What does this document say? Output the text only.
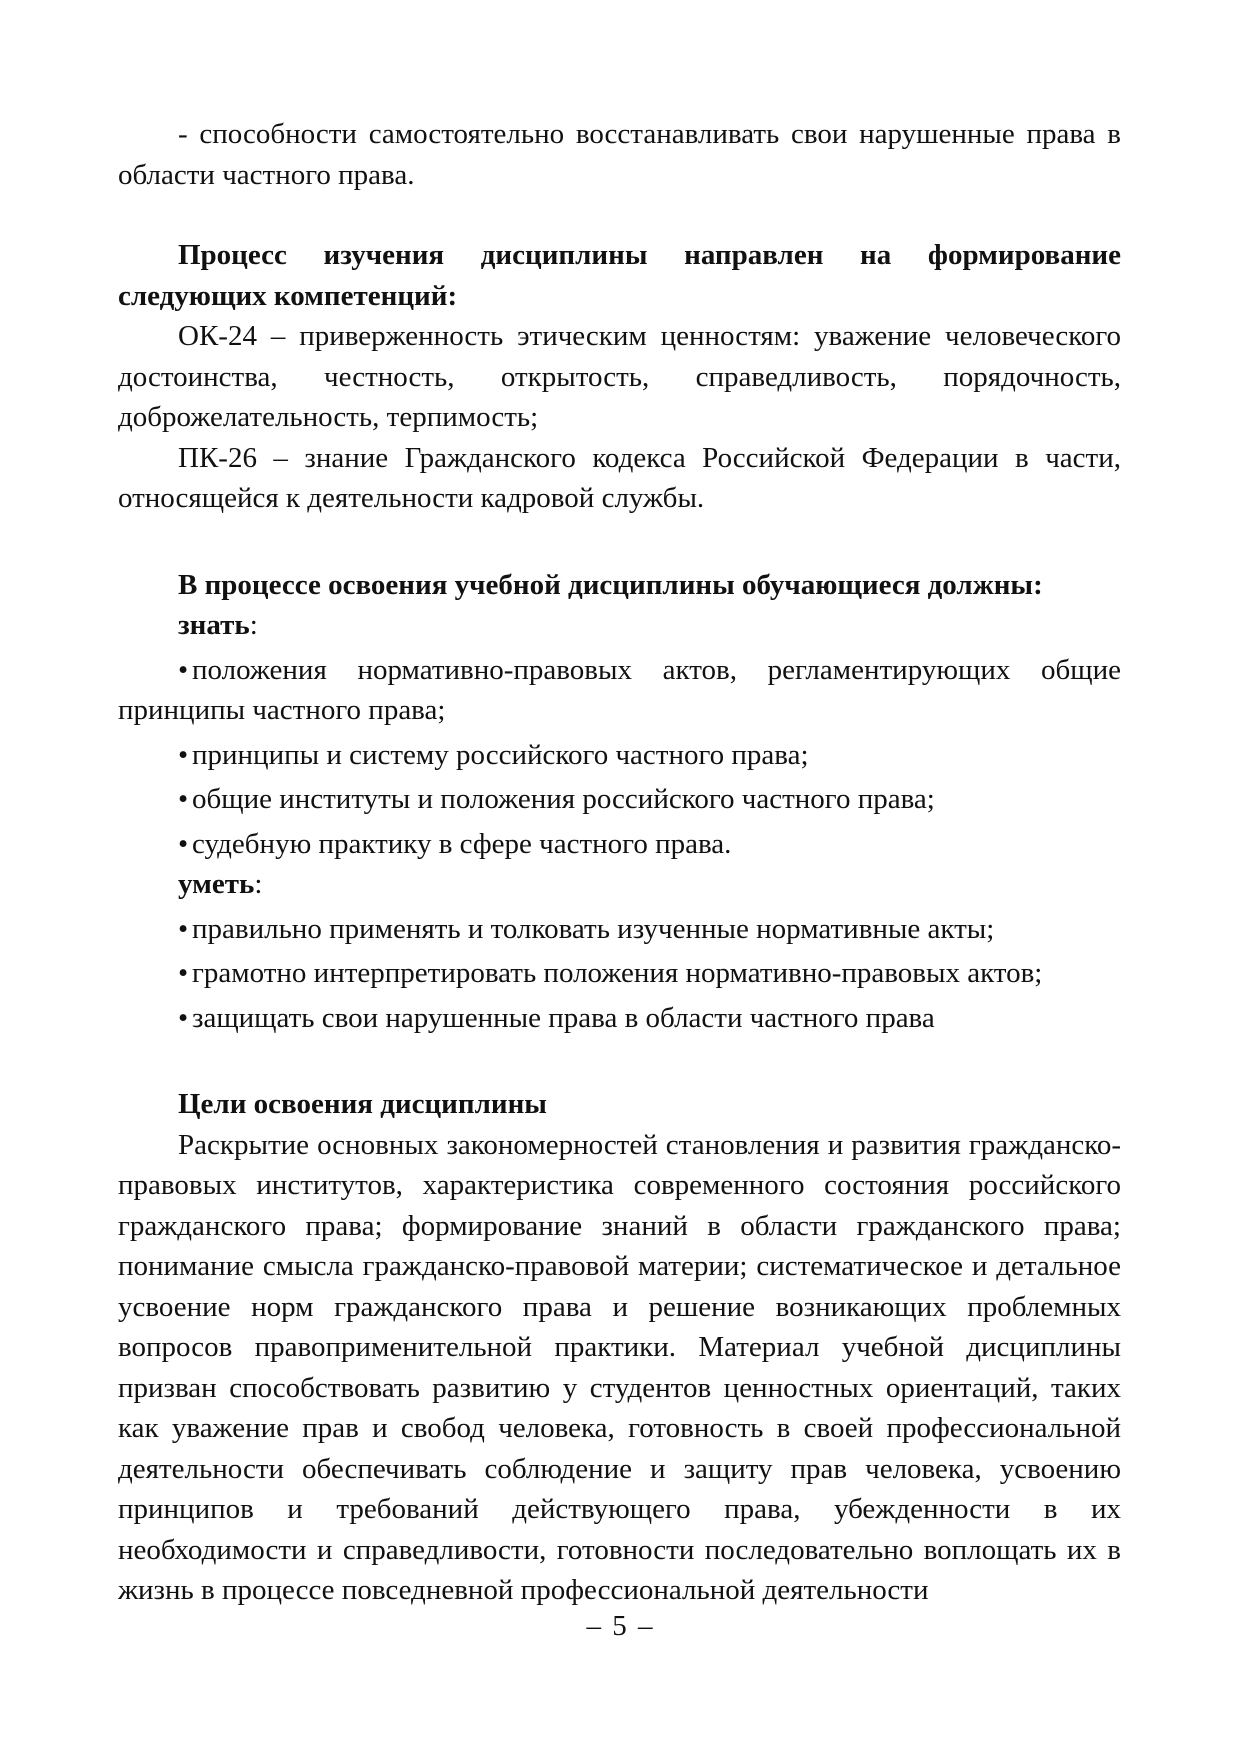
- способности самостоятельно восстанавливать свои нарушенные права в

области частного права.

Процесс изучения дисциплины направлен на формирование следующих компетенций:

ОК-24 – приверженность этическим ценностям: уважение человеческого достоинства, честность, открытость, справедливость, порядочность, доброжелательность, терпимость;

ПК-26 – знание Гражданского кодекса Российской Федерации в части, относящейся к деятельности кадровой службы.

В процессе освоения учебной дисциплины обучающиеся должны:

знать:

• положения нормативно-правовых актов, регламентирующих общие принципы частного права;

• принципы и систему российского частного права;

• общие институты и положения российского частного права;

• судебную практику в сфере частного права.

уметь:

• правильно применять и толковать изученные нормативные акты;

• грамотно интерпретировать положения нормативно-правовых актов;

• защищать свои нарушенные права в области частного права

Цели освоения дисциплины

Раскрытие основных закономерностей становления и развития гражданско-правовых институтов, характеристика современного состояния российского гражданского права; формирование знаний в области гражданского права; понимание смысла гражданско-правовой материи; систематическое и детальное усвоение норм гражданского права и решение возникающих проблемных вопросов правоприменительной практики. Материал учебной дисциплины призван способствовать развитию у студентов ценностных ориентаций, таких как уважение прав и свобод человека, готовность в своей профессиональной деятельности обеспечивать соблюдение и защиту прав человека, усвоению принципов и требований действующего права, убежденности в их необходимости и справедливости, готовности последовательно воплощать их в жизнь в процессе повседневной профессиональной деятельности

– 5 –
